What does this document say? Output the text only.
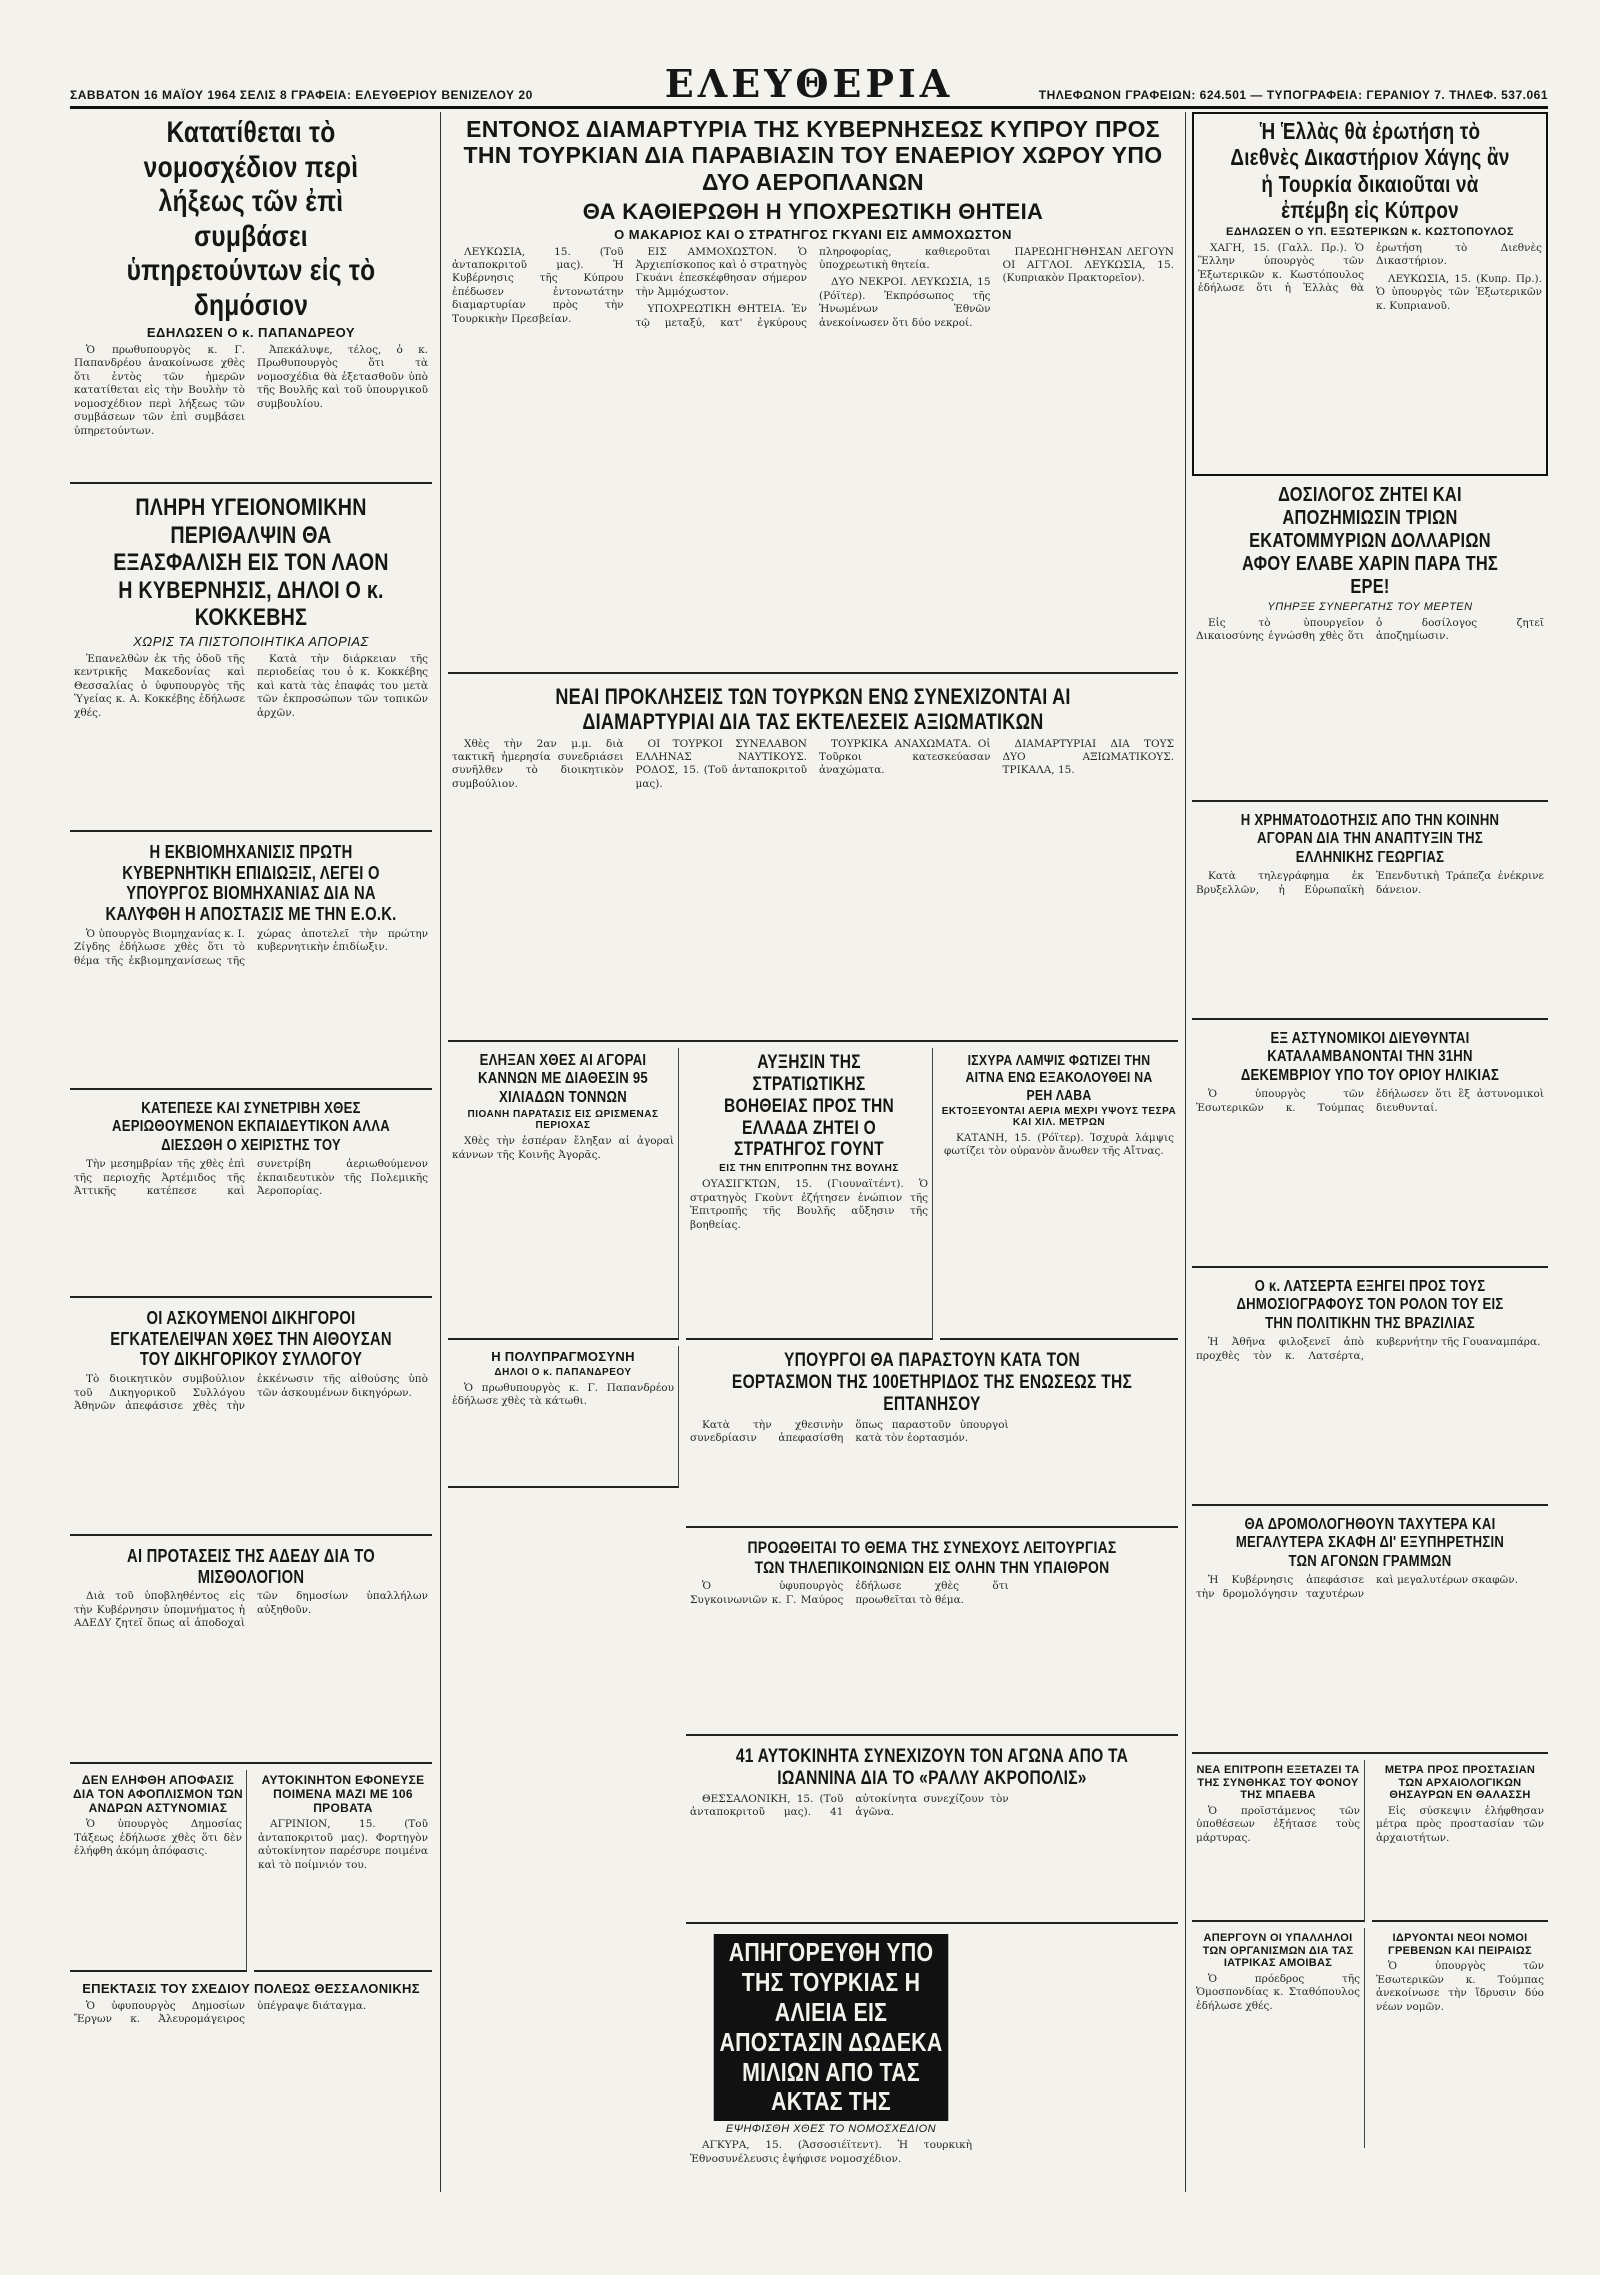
ΣΑΒΒΑΤΟΝ 16 ΜΑΪΟΥ 1964 ΣΕΛΙΣ 8 ΓΡΑΦΕΙΑ: ΕΛΕΥΘΕΡΙΟΥ ΒΕΝΙΖΕΛΟΥ 20	ΕΛΕΥΘΕΡΙΑ	ΤΗΛΕΦΩΝΟΝ ΓΡΑΦΕΙΩΝ: 624.501 — ΤΥΠΟΓΡΑΦΕΙΑ: ΓΕΡΑΝΙΟΥ 7. ΤΗΛΕΦ. 537.061
Κατατίθεται τὸ νομοσχέδιον περὶ λήξεως τῶν ἐπὶ συμβάσει ὑπηρετούντων εἰς τὸ δημόσιον
ΕΔΗΛΩΣΕΝ Ο κ. ΠΑΠΑΝΔΡΕΟΥ

Ὁ πρωθυπουργὸς κ. Γ. Παπανδρέου ἀνακοίνωσε χθὲς ὅτι ἐντὸς τῶν ἡμερῶν κατατίθεται εἰς τὴν Βουλὴν τὸ νομοσχέδιον περὶ λήξεως τῶν συμβάσεων τῶν ἐπὶ συμβάσει ὑπηρετούντων.

Ἀπεκάλυψε, τέλος, ὁ κ. Πρωθυπουργὸς ὅτι τὰ νομοσχέδια θὰ ἐξετασθοῦν ὑπὸ τῆς Βουλῆς καὶ τοῦ ὑπουργικοῦ συμβουλίου.

ΠΛΗΡΗ ΥΓΕΙΟΝΟΜΙΚΗΝ ΠΕΡΙΘΑΛΨΙΝ ΘΑ ΕΞΑΣΦΑΛΙΣΗ ΕΙΣ ΤΟΝ ΛΑΟΝ Η ΚΥΒΕΡΝΗΣΙΣ, ΔΗΛΟΙ Ο κ. ΚΟΚΚΕΒΗΣ
ΧΩΡΙΣ ΤΑ ΠΙΣΤΟΠΟΙΗΤΙΚΑ ΑΠΟΡΙΑΣ

Ἐπανελθὼν ἐκ τῆς ὁδοῦ τῆς κεντρικῆς Μακεδονίας καὶ Θεσσαλίας ὁ ὑφυπουργὸς τῆς Ὑγείας κ. Α. Κοκκέβης ἐδήλωσε χθές.

Κατὰ τὴν διάρκειαν τῆς περιοδείας του ὁ κ. Κοκκέβης καὶ κατὰ τὰς ἐπαφάς του μετὰ τῶν ἐκπροσώπων τῶν τοπικῶν ἀρχῶν.

Η ΕΚΒΙΟΜΗΧΑΝΙΣΙΣ ΠΡΩΤΗ ΚΥΒΕΡΝΗΤΙΚΗ ΕΠΙΔΙΩΞΙΣ, ΛΕΓΕΙ Ο ΥΠΟΥΡΓΟΣ ΒΙΟΜΗΧΑΝΙΑΣ ΔΙΑ ΝΑ ΚΑΛΥΦΘΗ Η ΑΠΟΣΤΑΣΙΣ ΜΕ ΤΗΝ Ε.Ο.Κ.

Ὁ ὑπουργὸς Βιομηχανίας κ. Ι. Ζίγδης ἐδήλωσε χθὲς ὅτι τὸ θέμα τῆς ἐκβιομηχανίσεως τῆς χώρας ἀποτελεῖ τὴν πρώτην κυβερνητικὴν ἐπιδίωξιν.

ΚΑΤΕΠΕΣΕ ΚΑΙ ΣΥΝΕΤΡΙΒΗ ΧΘΕΣ ΑΕΡΙΩΘΟΥΜΕΝΟΝ ΕΚΠΑΙΔΕΥΤΙΚΟΝ ΑΛΛΑ ΔΙΕΣΩΘΗ Ο ΧΕΙΡΙΣΤΗΣ ΤΟΥ

Τὴν μεσημβρίαν τῆς χθὲς ἐπὶ τῆς περιοχῆς Ἀρτέμιδος τῆς Ἀττικῆς κατέπεσε καὶ συνετρίβη ἀεριωθούμενον ἐκπαιδευτικὸν τῆς Πολεμικῆς Ἀεροπορίας.

ΟΙ ΑΣΚΟΥΜΕΝΟΙ ΔΙΚΗΓΟΡΟΙ ΕΓΚΑΤΕΛΕΙΨΑΝ ΧΘΕΣ ΤΗΝ ΑΙΘΟΥΣΑΝ ΤΟΥ ΔΙΚΗΓΟΡΙΚΟΥ ΣΥΛΛΟΓΟΥ

Τὸ διοικητικὸν συμβούλιον τοῦ Δικηγορικοῦ Συλλόγου Ἀθηνῶν ἀπεφάσισε χθὲς τὴν ἐκκένωσιν τῆς αἰθούσης ὑπὸ τῶν ἀσκουμένων δικηγόρων.

ΑΙ ΠΡΟΤΑΣΕΙΣ ΤΗΣ ΑΔΕΔΥ ΔΙΑ ΤΟ ΜΙΣΘΟΛΟΓΙΟΝ

Διὰ τοῦ ὑποβληθέντος εἰς τὴν Κυβέρνησιν ὑπομνήματος ἡ ΑΔΕΔΥ ζητεῖ ὅπως αἱ ἀποδοχαὶ τῶν δημοσίων ὑπαλλήλων αὐξηθοῦν.

ΔΕΝ ΕΛΗΦΘΗ ΑΠΟΦΑΣΙΣ ΔΙΑ ΤΟΝ ΑΦΟΠΛΙΣΜΟΝ ΤΩΝ ΑΝΔΡΩΝ ΑΣΤΥΝΟΜΙΑΣ

Ὁ ὑπουργὸς Δημοσίας Τάξεως ἐδήλωσε χθὲς ὅτι δὲν ἐλήφθη ἀκόμη ἀπόφασις.

ΑΥΤΟΚΙΝΗΤΟΝ ΕΦΟΝΕΥΣΕ ΠΟΙΜΕΝΑ ΜΑΖΙ ΜΕ 106 ΠΡΟΒΑΤΑ

ΑΓΡΙΝΙΟΝ, 15. (Τοῦ ἀνταποκριτοῦ μας). Φορτηγὸν αὐτοκίνητον παρέσυρε ποιμένα καὶ τὸ ποίμνιόν του.

ΕΠΕΚΤΑΣΙΣ ΤΟΥ ΣΧΕΔΙΟΥ ΠΟΛΕΩΣ ΘΕΣΣΑΛΟΝΙΚΗΣ

Ὁ ὑφυπουργὸς Δημοσίων Ἔργων κ. Ἀλευρομάγειρος ὑπέγραψε διάταγμα.

ΕΝΤΟΝΟΣ ΔΙΑΜΑΡΤΥΡΙΑ ΤΗΣ ΚΥΒΕΡΝΗΣΕΩΣ ΚΥΠΡΟΥ ΠΡΟΣ ΤΗΝ ΤΟΥΡΚΙΑΝ ΔΙΑ ΠΑΡΑΒΙΑΣΙΝ ΤΟΥ ΕΝΑΕΡΙΟΥ ΧΩΡΟΥ ΥΠΟ ΔΥΟ ΑΕΡΟΠΛΑΝΩΝ
ΘΑ ΚΑΘΙΕΡΩΘΗ Η ΥΠΟΧΡΕΩΤΙΚΗ ΘΗΤΕΙΑ
Ο ΜΑΚΑΡΙΟΣ ΚΑΙ Ο ΣΤΡΑΤΗΓΟΣ ΓΚΥΑΝΙ ΕΙΣ ΑΜΜΟΧΩΣΤΟΝ

ΛΕΥΚΩΣΙΑ, 15. (Τοῦ ἀνταποκριτοῦ μας). Ἡ Κυβέρνησις τῆς Κύπρου ἐπέδωσεν ἐντονωτάτην διαμαρτυρίαν πρὸς τὴν Τουρκικὴν Πρεσβείαν.

ΕΙΣ ΑΜΜΟΧΩΣΤΟΝ. Ὁ Ἀρχιεπίσκοπος καὶ ὁ στρατηγὸς Γκυάνι ἐπεσκέφθησαν σήμερον τὴν Ἀμμόχωστον.

ΥΠΟΧΡΕΩΤΙΚΗ ΘΗΤΕΙΑ. Ἐν τῷ μεταξύ, κατ' ἐγκύρους πληροφορίας, καθιεροῦται ὑποχρεωτικὴ θητεία.

ΔΥΟ ΝΕΚΡΟΙ. ΛΕΥΚΩΣΙΑ, 15 (Ρόϊτερ). Ἐκπρόσωπος τῆς Ἡνωμένων Ἐθνῶν ἀνεκοίνωσεν ὅτι δύο νεκροί.

ΠΑΡΕΩΗΓΗΘΗΣΑΝ ΛΕΓΟΥΝ ΟΙ ΑΓΓΛΟΙ. ΛΕΥΚΩΣΙΑ, 15. (Κυπριακὸν Πρακτορεῖον).

ΝΕΑΙ ΠΡΟΚΛΗΣΕΙΣ ΤΩΝ ΤΟΥΡΚΩΝ ΕΝΩ ΣΥΝΕΧΙΖΟΝΤΑΙ ΑΙ ΔΙΑΜΑΡΤΥΡΙΑΙ ΔΙΑ ΤΑΣ ΕΚΤΕΛΕΣΕΙΣ ΑΞΙΩΜΑΤΙΚΩΝ

Χθὲς τὴν 2αν μ.μ. διὰ τακτικῆ ἡμερησία συνεδριάσει συνῆλθεν τὸ διοικητικὸν συμβούλιον.

ΟΙ ΤΟΥΡΚΟΙ ΣΥΝΕΛΑΒΟΝ ΕΛΛΗΝΑΣ ΝΑΥΤΙΚΟΥΣ. ΡΟΔΟΣ, 15. (Τοῦ ἀνταποκριτοῦ μας).

ΤΟΥΡΚΙΚΑ ΑΝΑΧΩΜΑΤΑ. Οἱ Τοῦρκοι κατεσκεύασαν ἀναχώματα.

ΔΙΑΜΑΡΤΥΡΙΑΙ ΔΙΑ ΤΟΥΣ ΔΥΟ ΑΞΙΩΜΑΤΙΚΟΥΣ. ΤΡΙΚΑΛΑ, 15.

ΕΛΗΞΑΝ ΧΘΕΣ ΑΙ ΑΓΟΡΑΙ ΚΑΝΝΩΝ ΜΕ ΔΙΑΘΕΣΙΝ 95 ΧΙΛΙΑΔΩΝ ΤΟΝΝΩΝ
ΠΙΟΑΝΗ ΠΑΡΑΤΑΣΙΣ ΕΙΣ ΩΡΙΣΜΕΝΑΣ ΠΕΡΙΟΧΑΣ

Χθὲς τὴν ἑσπέραν ἔληξαν αἱ ἀγοραὶ κάννων τῆς Κοινῆς Ἀγορᾶς.

ΑΥΞΗΣΙΝ ΤΗΣ ΣΤΡΑΤΙΩΤΙΚΗΣ ΒΟΗΘΕΙΑΣ ΠΡΟΣ ΤΗΝ ΕΛΛΑΔΑ ΖΗΤΕΙ Ο ΣΤΡΑΤΗΓΟΣ ΓΟΥΝΤ
ΕΙΣ ΤΗΝ ΕΠΙΤΡΟΠΗΝ ΤΗΣ ΒΟΥΛΗΣ

ΟΥΑΣΙΓΚΤΩΝ, 15. (Γιουναϊτέντ). Ὁ στρατηγὸς Γκοὺντ ἐζήτησεν ἐνώπιον τῆς Ἐπιτροπῆς τῆς Βουλῆς αὔξησιν τῆς βοηθείας.

ΙΣΧΥΡΑ ΛΑΜΨΙΣ ΦΩΤΙΖΕΙ ΤΗΝ ΑΙΤΝΑ ΕΝΩ ΕΞΑΚΟΛΟΥΘΕΙ ΝΑ ΡΕΗ ΛΑΒΑ
ΕΚΤΟΞΕΥΟΝΤΑΙ ΑΕΡΙΑ ΜΕΧΡΙ ΥΨΟΥΣ ΤΕΣΡΑ ΚΑΙ ΧΙΛ. ΜΕΤΡΩΝ

ΚΑΤΑΝΗ, 15. (Ρόϊτερ). Ἰσχυρὰ λάμψις φωτίζει τὸν οὐρανὸν ἄνωθεν τῆς Αἴτνας.

Η ΠΟΛΥΠΡΑΓΜΟΣΥΝΗ
ΔΗΛΟΙ Ο κ. ΠΑΠΑΝΔΡΕΟΥ

Ὁ πρωθυπουργὸς κ. Γ. Παπανδρέου ἐδήλωσε χθὲς τὰ κάτωθι.

ΥΠΟΥΡΓΟΙ ΘΑ ΠΑΡΑΣΤΟΥΝ ΚΑΤΑ ΤΟΝ ΕΟΡΤΑΣΜΟΝ ΤΗΣ 100ΕΤΗΡΙΔΟΣ ΤΗΣ ΕΝΩΣΕΩΣ ΤΗΣ ΕΠΤΑΝΗΣΟΥ

Κατὰ τὴν χθεσινὴν συνεδρίασιν ἀπεφασίσθη ὅπως παραστοῦν ὑπουργοὶ κατὰ τὸν ἑορτασμόν.

ΠΡΟΩΘΕΙΤΑΙ ΤΟ ΘΕΜΑ ΤΗΣ ΣΥΝΕΧΟΥΣ ΛΕΙΤΟΥΡΓΙΑΣ ΤΩΝ ΤΗΛΕΠΙΚΟΙΝΩΝΙΩΝ ΕΙΣ ΟΛΗΝ ΤΗΝ ΥΠΑΙΘΡΟΝ

Ὁ ὑφυπουργὸς Συγκοινωνιῶν κ. Γ. Μαύρος ἐδήλωσε χθὲς ὅτι προωθεῖται τὸ θέμα.

41 ΑΥΤΟΚΙΝΗΤΑ ΣΥΝΕΧΙΖΟΥΝ ΤΟΝ ΑΓΩΝΑ ΑΠΟ ΤΑ ΙΩΑΝΝΙΝΑ ΔΙΑ ΤΟ «ΡΑΛΛΥ ΑΚΡΟΠΟΛΙΣ»

ΘΕΣΣΑΛΟΝΙΚΗ, 15. (Τοῦ ἀνταποκριτοῦ μας). 41 αὐτοκίνητα συνεχίζουν τὸν ἀγῶνα.

ΑΠΗΓΟΡΕΥΘΗ ΥΠΟ ΤΗΣ ΤΟΥΡΚΙΑΣ Η ΑΛΙΕΙΑ ΕΙΣ ΑΠΟΣΤΑΣΙΝ ΔΩΔΕΚΑ ΜΙΛΙΩΝ ΑΠΟ ΤΑΣ ΑΚΤΑΣ ΤΗΣ
ΕΨΗΦΙΣΘΗ ΧΘΕΣ ΤΟ ΝΟΜΟΣΧΕΔΙΟΝ

ΑΓΚΥΡΑ, 15. (Ἀσσοσιέϊτεντ). Ἡ τουρκικὴ Ἐθνοσυνέλευσις ἐψήφισε νομοσχέδιον.

Ἡ Ἑλλὰς θὰ ἐρωτήση τὸ Διεθνὲς Δικαστήριον Χάγης ἂν ἡ Τουρκία δικαιοῦται νὰ ἐπέμβη εἰς Κύπρον
ΕΔΗΛΩΣΕΝ Ο ΥΠ. ΕΞΩΤΕΡΙΚΩΝ κ. ΚΩΣΤΟΠΟΥΛΟΣ

ΧΑΓΗ, 15. (Γαλλ. Πρ.). Ὁ Ἕλλην ὑπουργὸς τῶν Ἐξωτερικῶν κ. Κωστόπουλος ἐδήλωσε ὅτι ἡ Ἑλλὰς θὰ ἐρωτήση τὸ Διεθνὲς Δικαστήριον.

ΛΕΥΚΩΣΙΑ, 15. (Κυπρ. Πρ.). Ὁ ὑπουργὸς τῶν Ἐξωτερικῶν κ. Κυπριανοῦ.

ΔΟΣΙΛΟΓΟΣ ΖΗΤΕΙ ΚΑΙ ΑΠΟΖΗΜΙΩΣΙΝ ΤΡΙΩΝ ΕΚΑΤΟΜΜΥΡΙΩΝ ΔΟΛΛΑΡΙΩΝ ΑΦΟΥ ΕΛΑΒΕ ΧΑΡΙΝ ΠΑΡΑ ΤΗΣ ΕΡΕ!
ΥΠΗΡΞΕ ΣΥΝΕΡΓΑΤΗΣ ΤΟΥ ΜΕΡΤΕΝ

Εἰς τὸ ὑπουργεῖον Δικαιοσύνης ἐγνώσθη χθὲς ὅτι ὁ δοσίλογος ζητεῖ ἀποζημίωσιν.

Η ΧΡΗΜΑΤΟΔΟΤΗΣΙΣ ΑΠΟ ΤΗΝ ΚΟΙΝΗΝ ΑΓΟΡΑΝ ΔΙΑ ΤΗΝ ΑΝΑΠΤΥΞΙΝ ΤΗΣ ΕΛΛΗΝΙΚΗΣ ΓΕΩΡΓΙΑΣ

Κατὰ τηλεγράφημα ἐκ Βρυξελλῶν, ἡ Εὐρωπαϊκὴ Ἐπενδυτικὴ Τράπεζα ἐνέκρινε δάνειον.

ΕΞ ΑΣΤΥΝΟΜΙΚΟΙ ΔΙΕΥΘΥΝΤΑΙ ΚΑΤΑΛΑΜΒΑΝΟΝΤΑΙ ΤΗΝ 31ΗΝ ΔΕΚΕΜΒΡΙΟΥ ΥΠΟ ΤΟΥ ΟΡΙΟΥ ΗΛΙΚΙΑΣ

Ὁ ὑπουργὸς τῶν Ἐσωτερικῶν κ. Τούμπας ἐδήλωσεν ὅτι ἓξ ἀστυνομικοὶ διευθυνταί.

Ο κ. ΛΑΤΣΕΡΤΑ ΕΞΗΓΕΙ ΠΡΟΣ ΤΟΥΣ ΔΗΜΟΣΙΟΓΡΑΦΟΥΣ ΤΟΝ ΡΟΛΟΝ ΤΟΥ ΕΙΣ ΤΗΝ ΠΟΛΙΤΙΚΗΝ ΤΗΣ ΒΡΑΖΙΛΙΑΣ

Ἡ Ἀθῆνα φιλοξενεῖ ἀπὸ προχθὲς τὸν κ. Λατσέρτα, κυβερνήτην τῆς Γουαναμπάρα.

ΘΑ ΔΡΟΜΟΛΟΓΗΘΟΥΝ ΤΑΧΥΤΕΡΑ ΚΑΙ ΜΕΓΑΛΥΤΕΡΑ ΣΚΑΦΗ ΔΙ' ΕΞΥΠΗΡΕΤΗΣΙΝ ΤΩΝ ΑΓΟΝΩΝ ΓΡΑΜΜΩΝ

Ἡ Κυβέρνησις ἀπεφάσισε τὴν δρομολόγησιν ταχυτέρων καὶ μεγαλυτέρων σκαφῶν.

ΝΕΑ ΕΠΙΤΡΟΠΗ ΕΞΕΤΑΖΕΙ ΤΑ ΤΗΣ ΣΥΝΘΗΚΑΣ ΤΟΥ ΦΟΝΟΥ ΤΗΣ ΜΠΑΕΒΑ

Ὁ προϊστάμενος τῶν ὑποθέσεων ἐξήτασε τοὺς μάρτυρας.

ΜΕΤΡΑ ΠΡΟΣ ΠΡΟΣΤΑΣΙΑΝ ΤΩΝ ΑΡΧΑΙΟΛΟΓΙΚΩΝ ΘΗΣΑΥΡΩΝ ΕΝ ΘΑΛΑΣΣΗ

Εἰς σύσκεψιν ἐλήφθησαν μέτρα πρὸς προστασίαν τῶν ἀρχαιοτήτων.

ΑΠΕΡΓΟΥΝ ΟΙ ΥΠΑΛΛΗΛΟΙ ΤΩΝ ΟΡΓΑΝΙΣΜΩΝ ΔΙΑ ΤΑΣ ΙΑΤΡΙΚΑΣ ΑΜΟΙΒΑΣ

Ὁ πρόεδρος τῆς Ὁμοσπονδίας κ. Σταθόπουλος ἐδήλωσε χθές.

ΙΔΡΥΟΝΤΑΙ ΝΕΟΙ ΝΟΜΟΙ ΓΡΕΒΕΝΩΝ ΚΑΙ ΠΕΙΡΑΙΩΣ

Ὁ ὑπουργὸς τῶν Ἐσωτερικῶν κ. Τούμπας ἀνεκοίνωσε τὴν ἵδρυσιν δύο νέων νομῶν.
